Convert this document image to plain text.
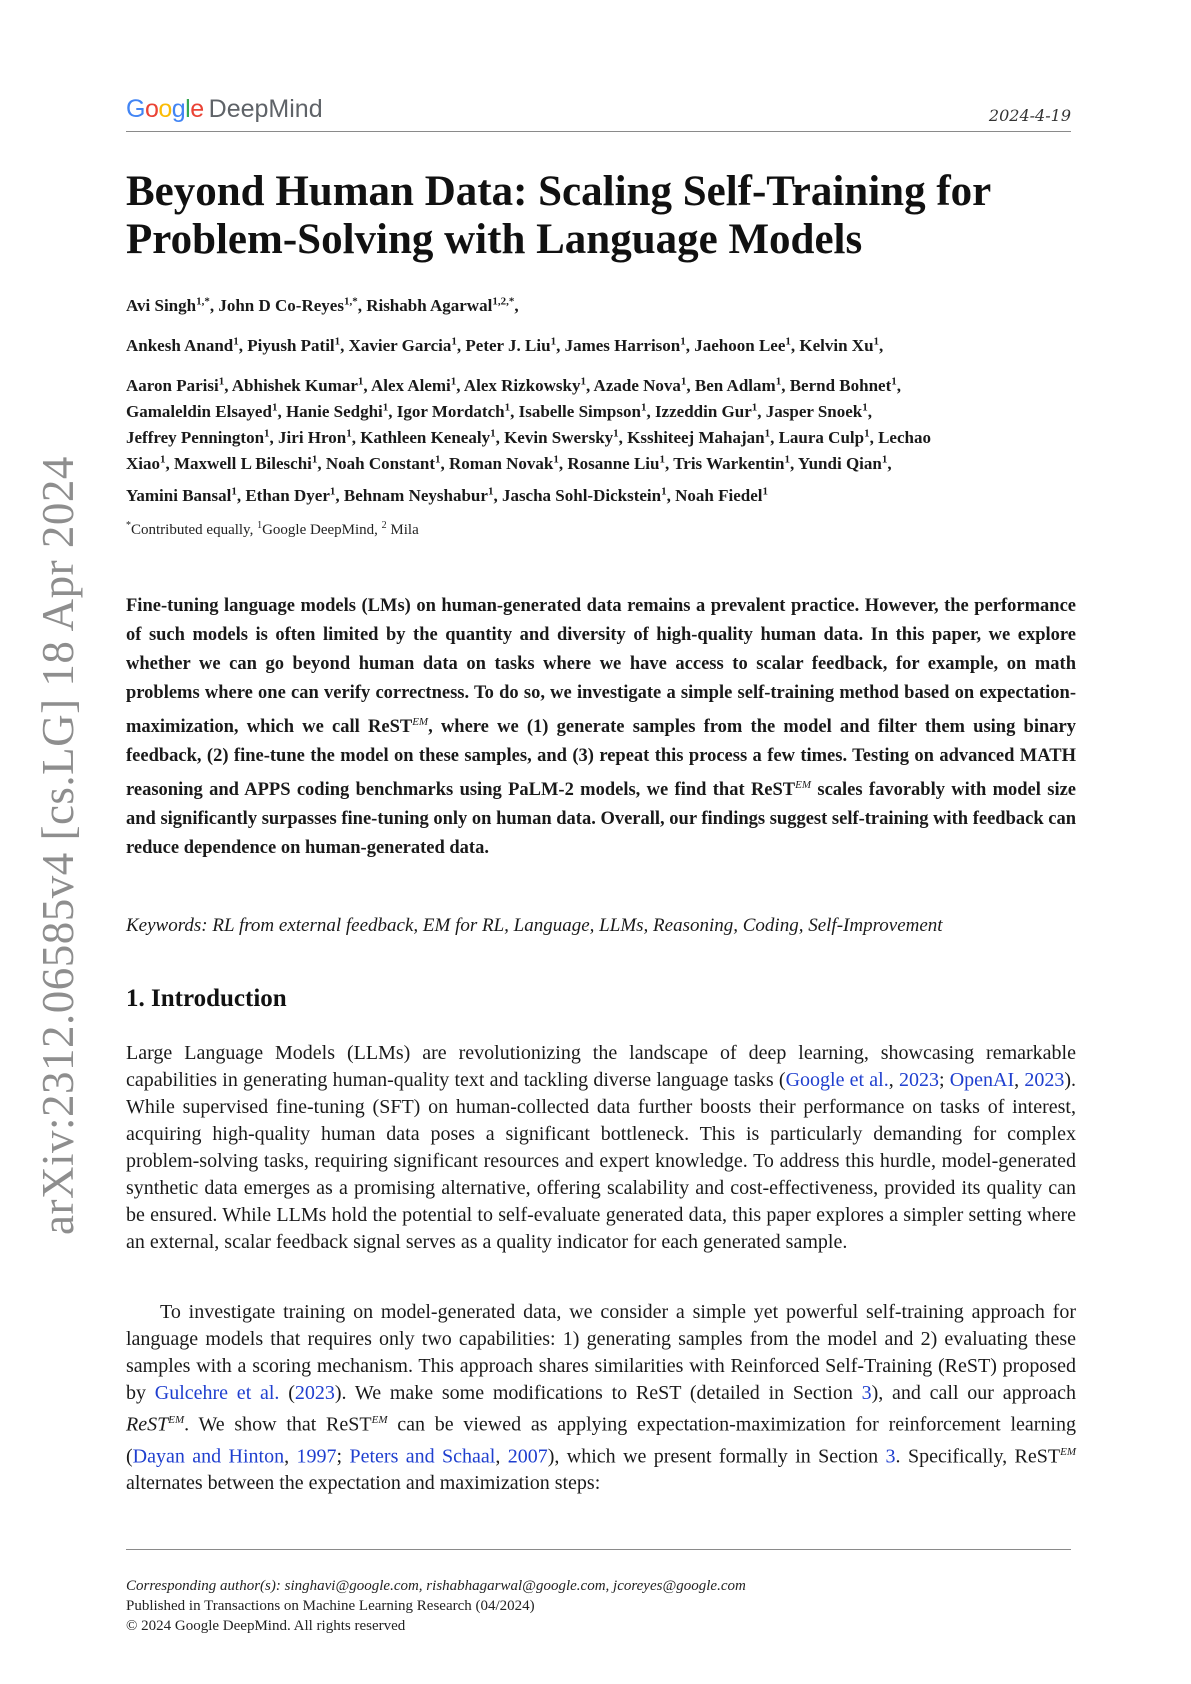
arXiv:2312.06585v4 [cs.LG] 18 Apr 2024
Google DeepMind	2024-4-19
Beyond Human Data: Scaling Self-Training for
Problem-Solving with Language Models
Avi Singh$^{1,*}$, John D Co-Reyes$^{1,*}$, Rishabh Agarwal$^{1,2,*}$,
Ankesh Anand$^1$, Piyush Patil$^1$, Xavier Garcia$^1$, Peter J. Liu$^1$, James Harrison$^1$, Jaehoon Lee$^1$, Kelvin Xu$^1$,
Aaron Parisi$^1$, Abhishek Kumar$^1$, Alex Alemi$^1$, Alex Rizkowsky$^1$, Azade Nova$^1$, Ben Adlam$^1$, Bernd Bohnet$^1$,
Gamaleldin Elsayed$^1$, Hanie Sedghi$^1$, Igor Mordatch$^1$, Isabelle Simpson$^1$, Izzeddin Gur$^1$, Jasper Snoek$^1$,
Jeffrey Pennington$^1$, Jiri Hron$^1$, Kathleen Kenealy$^1$, Kevin Swersky$^1$, Ksshiteej Mahajan$^1$, Laura Culp$^1$, Lechao
Xiao$^1$, Maxwell L Bileschi$^1$, Noah Constant$^1$, Roman Novak$^1$, Rosanne Liu$^1$, Tris Warkentin$^1$, Yundi Qian$^1$,
Yamini Bansal$^1$, Ethan Dyer$^1$, Behnam Neyshabur$^1$, Jascha Sohl-Dickstein$^1$, Noah Fiedel$^1$
*Contributed equally, $^1$Google DeepMind, $^2$ Mila

Fine-tuning language models (LMs) on human-generated data remains a prevalent practice. However, the performance of such models is often limited by the quantity and diversity of high-quality human data. In this paper, we explore whether we can go beyond human data on tasks where we have access to scalar feedback, for example, on math problems where one can verify correctness. To do so, we investigate a simple self-training method based on expectation-maximization, which we call ReST$^{EM}$, where we (1) generate samples from the model and filter them using binary feedback, (2) fine-tune the model on these samples, and (3) repeat this process a few times. Testing on advanced MATH reasoning and APPS coding benchmarks using PaLM-2 models, we find that ReST$^{EM}$ scales favorably with model size and significantly surpasses fine-tuning only on human data. Overall, our findings suggest self-training with feedback can reduce dependence on human-generated data.

Keywords: RL from external feedback, EM for RL, Language, LLMs, Reasoning, Coding, Self-Improvement
1. Introduction

Large Language Models (LLMs) are revolutionizing the landscape of deep learning, showcasing remarkable capabilities in generating human-quality text and tackling diverse language tasks (Google et al., 2023; OpenAI, 2023). While supervised fine-tuning (SFT) on human-collected data further boosts their performance on tasks of interest, acquiring high-quality human data poses a significant bottleneck. This is particularly demanding for complex problem-solving tasks, requiring significant resources and expert knowledge. To address this hurdle, model-generated synthetic data emerges as a promising alternative, offering scalability and cost-effectiveness, provided its quality can be ensured. While LLMs hold the potential to self-evaluate generated data, this paper explores a simpler setting where an external, scalar feedback signal serves as a quality indicator for each generated sample.

To investigate training on model-generated data, we consider a simple yet powerful self-training approach for language models that requires only two capabilities: 1) generating samples from the model and 2) evaluating these samples with a scoring mechanism. This approach shares similarities with Reinforced Self-Training (ReST) proposed by Gulcehre et al. (2023). We make some modifications to ReST (detailed in Section 3), and call our approach ReST$^{EM}$. We show that ReST$^{EM}$ can be viewed as applying expectation-maximization for reinforcement learning (Dayan and Hinton, 1997; Peters and Schaal, 2007), which we present formally in Section 3. Specifically, ReST$^{EM}$ alternates between the expectation and maximization steps:

Corresponding author(s): singhavi@google.com, rishabhagarwal@google.com, jcoreyes@google.com
Published in Transactions on Machine Learning Research (04/2024)
© 2024 Google DeepMind. All rights reserved
